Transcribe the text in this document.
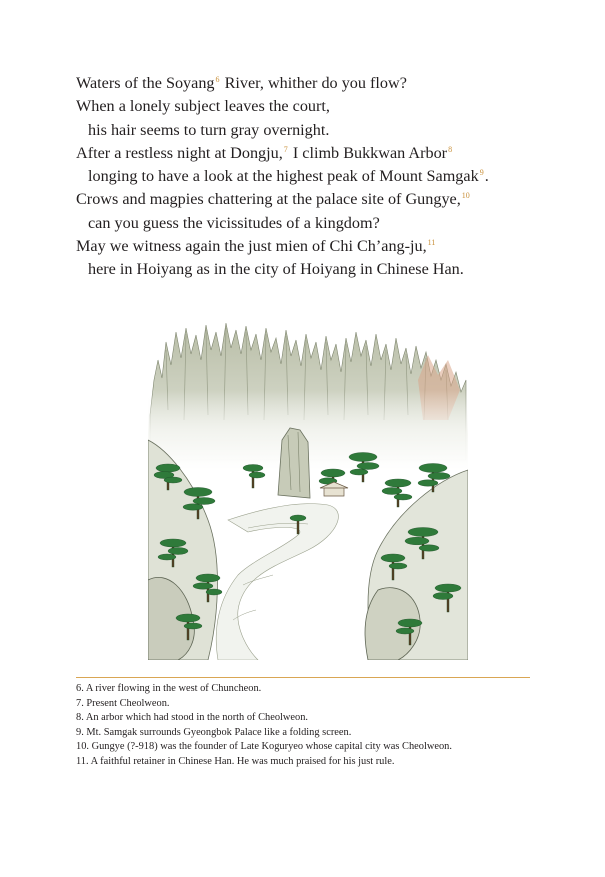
Waters of the Soyang$^6$ River, whither do you flow?
When a lonely subject leaves the court,
his hair seems to turn gray overnight.
After a restless night at Dongju,$^7$ I climb Bukkwan Arbor$^8$
longing to have a look at the highest peak of Mount Samgak$^9$.
Crows and magpies chattering at the palace site of Gungye,$^{10}$
can you guess the vicissitudes of a kingdom?
May we witness again the just mien of Chi Ch’ang-ju,$^{11}$
here in Hoiyang as in the city of Hoiyang in Chinese Han.
6. A river flowing in the west of Chuncheon.
7. Present Cheolweon.
8. An arbor which had stood in the north of Cheolweon.
9. Mt. Samgak surrounds Gyeongbok Palace like a folding screen.
10. Gungye (?-918) was the founder of Late Koguryeo whose capital city was Cheolweon.
11. A faithful retainer in Chinese Han. He was much praised for his just rule.
